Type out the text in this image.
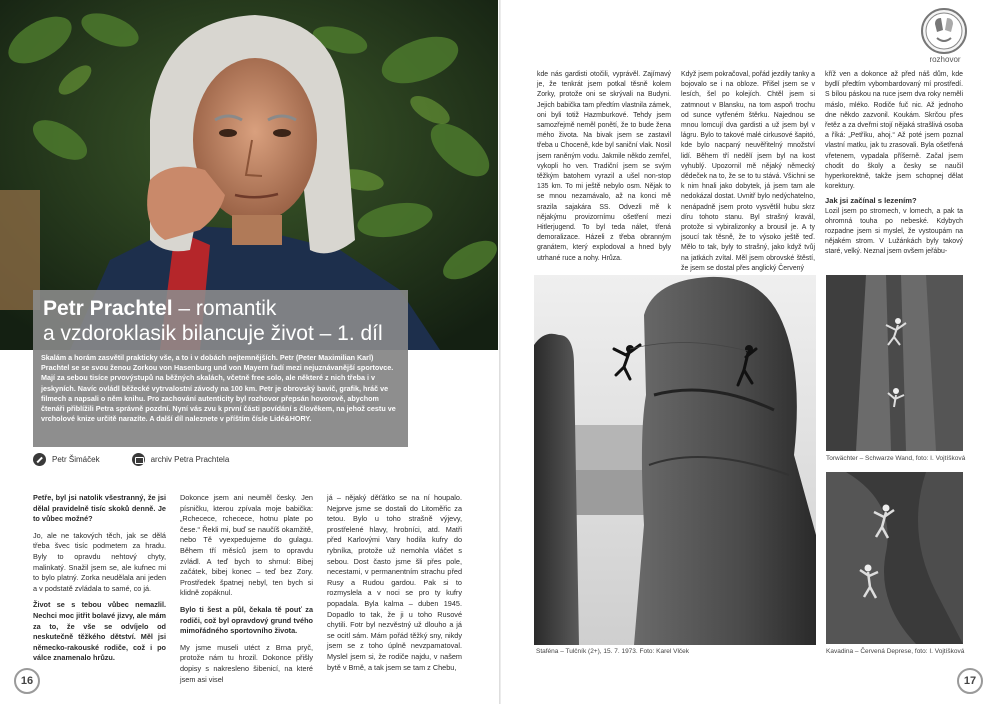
Petr Prachtel – romantik
a vzdoroklasik bilancuje život – 1. díl

Skalám a horám zasvětil prakticky vše, a to i v dobách nejtemnějších. Petr (Peter Maximilian Karl) Prachtel se se svou ženou Zorkou von Hasenburg und von Mayern řadí mezi nejuznávanější sportovce. Mají za sebou tisíce prvovýstupů na běžných skalách, včetně free solo, ale některé z nich třeba i v jeskyních. Navíc ovládl běžecké vytrvalostní závody na 100 km. Petr je obrovský bavič, grafik, hráč ve filmech a napsali o něm knihu. Pro zachování autenticity byl rozhovor přepsán hovorově, abychom čtenáři přiblížili Petra správně pozdní. Nyní vás zvu k první části povídání s člověkem, na jehož cestu ve vrcholové knize určitě narazíte. A další díl naleznete v příštím čísle Lidé&HORY.

Petr Šimáček	archiv Petra Prachtela

Petře, byl jsi natolik všestranný, že jsi dělal pravidelně tisíc skoků denně. Je to vůbec možné?

Jo, ale ne takových těch, jak se dělá třeba švec tisíc podmetem za hradu. Byly to opravdu nehtový chyty, malinkatý. Snažil jsem se, ale kufnec mi to bylo platný. Zorka neudělala ani jeden a v podstatě zvládala to samé, co já.

Život se s tebou vůbec nemazlil. Nechci moc jitřit bolavé jizvy, ale mám za to, že vše se odvíjelo od neskutečně těžkého dětství. Měl jsi německo-rakouské rodiče, což i po válce znamenalo hrůzu.

Dokonce jsem ani neuměl česky. Jen písničku, kterou zpívala moje babička: „Rchecece, rchecece, hotnu plate po čese.“ Řekli mi, buď se naučíš okamžitě, nebo Tě vyexpedujeme do gulagu. Během tří měsíců jsem to opravdu zvládl. A teď bych to shrnul: Bibej začátek, bibej konec – teď bez Zory. Prostředek špatnej nebyl, ten bych si klidně zopáknul.

Bylo ti šest a půl, čekala tě pouť za rodiči, což byl opravdový grund tvého mimořádného sportovního života.

My jsme museli utéct z Brna pryč, protože nám tu hrozil. Dokonce přišly dopisy s nakresleno šibenicí, na které jsem asi visel

já – nějaký děťátko se na ní houpalo. Nejprve jsme se dostali do Litoměřic za tetou. Bylo u toho strašně výjevy, prostřelené hlavy, hrobníci, atd. Matři před Karlovými Vary hodila kufry do rybníka, protože už nemohla vláčet s sebou. Dost často jsme šli přes pole, necestami, v permanentním strachu před Rusy a Rudou gardou. Pak si to rozmyslela a v noci se pro ty kufry popadala. Byla kalma – duben 1945. Dopadlo to tak, že ji u toho Rusové chytili. Fotr byl nezvěstný už dlouho a já se ocitl sám. Mám pořád těžký sny, nikdy jsem se z toho úplně nevzpamatoval. Myslel jsem si, že rodiče najdu, v našem bytě v Brně, a tak jsem se tam z Chebu,

16
rozhovor
kde nás gardisti otočili, vyprávěl. Zajímavý je, že tenkrát jsem potkal těsně kolem Zorky, protože oni se skrývali na Budyni. Jejich babička tam předtím vlastnila zámek, oni byli totiž Hazmburkové. Tehdy jsem samozřejmě neměl ponětí, že to bude žena mého života. Na bivak jsem se zastavil třeba u Choceně, kde byl saniční vlak. Nosil jsem raněným vodu. Jakmile někdo zemřel, vykopli ho ven. Tradiční jsem se svým těžkým batohem vyrazil a ušel non-stop 135 km. To mi ještě nebylo osm. Nějak to se mnou nezamávalo, až na konci mě srazila sajakára SS. Odvezli mě k nějakýmu provizornímu ošetření mezi Hitlerjugend. To byl teda nálet, třená demoralizace. Házeli z třeba obranným granátem, který explodoval a hned byly utrhané ruce a nohy. Hrůza.
Když jsem pokračoval, pořád jezdily tanky a bojovalo se i na obloze. Přišel jsem se v lesích, šel po kolejích. Chtěl jsem si zatmnout v Blansku, na tom aspoň trochu od sunce vytřeném štěrku. Najednou se mnou lomcují dva gardisti a už jsem byl v lágru. Bylo to takové malé cirkusové šapitó, kde bylo nacpaný neuvěřitelný množství lidí. Během tří nedělí jsem byl na kost vyhublý. Upozornil mě nějaký německý dědeček na to, že se to tu stává. Všichni se k nim hnali jako dobytek, já jsem tam ale nedokázal dostat. Uvnitř bylo nedýchatelno, nenápadně jsem proto vysvětlil hubu skrz díru tohoto stanu. Byl strašný kravál, protože si vybiralizonky a brousil je. A ty jsoucí tak těsně, že to výsoko ještě teď. Mělo to tak, byly to strašný, jako když tvůj na jatkách zvítal. Měl jsem obrovské štěstí, že jsem se dostal přes anglický Červený

kříž ven a dokonce až před náš dům, kde bydlí předtím vybombardovaný mí prostředí. S bílou páskou na ruce jsem dva roky neměli máslo, mléko. Rodiče fuč nic. Až jednoho dne někdo zazvonil. Koukám. Skrčou přes řetěz a za dveřmi stojí nějaká strašlivá osoba a říká: „Petříku, ahoj.“ Až poté jsem poznal vlastní matku, jak tu zrasovali. Byla ošetřená vřetenem, vypadala příšerně. Začal jsem chodit do školy a česky se naučil hyperkorektně, takže jsem schopnej dělat korektury.

Jak jsi začínal s lezením?

Lozil jsem po stromech, v lomech, a pak ta ohromná touha po nebeské. Kdybych rozpadne jsem si myslel, že vystoupám na nějakém strom. V Lužánkách byly takový staré, velký. Neznal jsem ovšem jeřábu-

Staféna – Tulčník (2+), 15. 7. 1973. Foto: Karel Vlček
Torwächter – Schwarze Wand, foto: I. Vojtíšková
Kavadina – Červená Deprese, foto: I. Vojtíšková
17
